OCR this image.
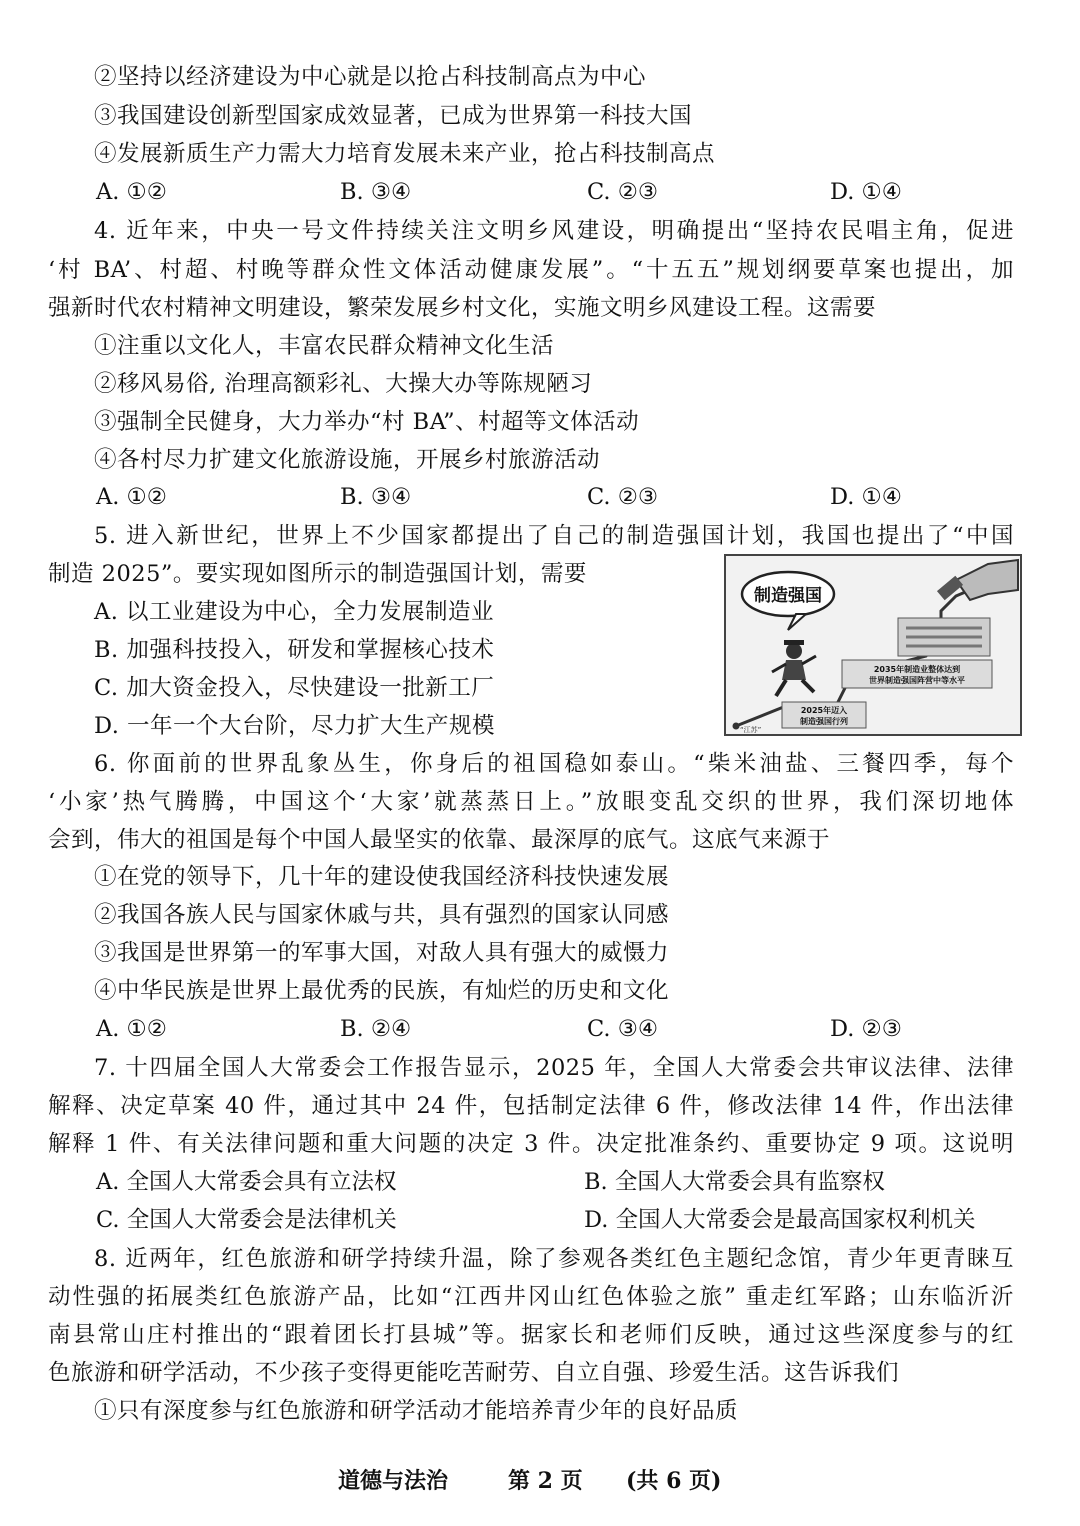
②坚持以经济建设为中心就是以抢占科技制高点为中心
③我国建设创新型国家成效显著，已成为世界第一科技大国
④发展新质生产力需大力培育发展未来产业，抢占科技制高点
A. ①②	B. ③④	C. ②③	D. ①④
4. 近年来，中央一号文件持续关注文明乡风建设，明确提出“坚持农民唱主角，促进
‘村 BA’、村超、村晚等群众性文体活动健康发展”。“十五五”规划纲要草案也提出，加
强新时代农村精神文明建设，繁荣发展乡村文化，实施文明乡风建设工程。这需要
①注重以文化人，丰富农民群众精神文化生活
②移风易俗, 治理高额彩礼、大操大办等陈规陋习
③强制全民健身，大力举办“村 BA”、村超等文体活动
④各村尽力扩建文化旅游设施，开展乡村旅游活动
A. ①②	B. ③④	C. ②③	D. ①④
5. 进入新世纪，世界上不少国家都提出了自己的制造强国计划，我国也提出了“中国
制造 2025”。要实现如图所示的制造强国计划，需要
A. 以工业建设为中心，全力发展制造业
B. 加强科技投入，研发和掌握核心技术
C. 加大资金投入，尽快建设一批新工厂
D. 一年一个大台阶，尽力扩大生产规模
制造强国
2025年迈入
制造强国行列
2035年制造业整体达到
世界制造强国阵营中等水平
“江苏”
6. 你面前的世界乱象丛生，你身后的祖国稳如泰山。“柴米油盐、三餐四季，每个
‘小家’热气腾腾，中国这个‘大家’就蒸蒸日上。”放眼变乱交织的世界，我们深切地体
会到，伟大的祖国是每个中国人最坚实的依靠、最深厚的底气。这底气来源于
①在党的领导下，几十年的建设使我国经济科技快速发展
②我国各族人民与国家休戚与共，具有强烈的国家认同感
③我国是世界第一的军事大国，对敌人具有强大的威慑力
④中华民族是世界上最优秀的民族，有灿烂的历史和文化
A. ①②	B. ②④	C. ③④	D. ②③
7. 十四届全国人大常委会工作报告显示，2025 年，全国人大常委会共审议法律、法律
解释、决定草案 40 件，通过其中 24 件，包括制定法律 6 件，修改法律 14 件，作出法律
解释 1 件、有关法律问题和重大问题的决定 3 件。决定批准条约、重要协定 9 项。这说明
A. 全国人大常委会具有立法权	B. 全国人大常委会具有监察权
C. 全国人大常委会是法律机关	D. 全国人大常委会是最高国家权利机关
8. 近两年，红色旅游和研学持续升温，除了参观各类红色主题纪念馆，青少年更青睐互
动性强的拓展类红色旅游产品，比如“江西井冈山红色体验之旅” 重走红军路；山东临沂沂
南县常山庄村推出的“跟着团长打县城”等。据家长和老师们反映，通过这些深度参与的红
色旅游和研学活动，不少孩子变得更能吃苦耐劳、自立自强、珍爱生活。这告诉我们
①只有深度参与红色旅游和研学活动才能培养青少年的良好品质
道德与法治	第 2 页 (共 6 页)
